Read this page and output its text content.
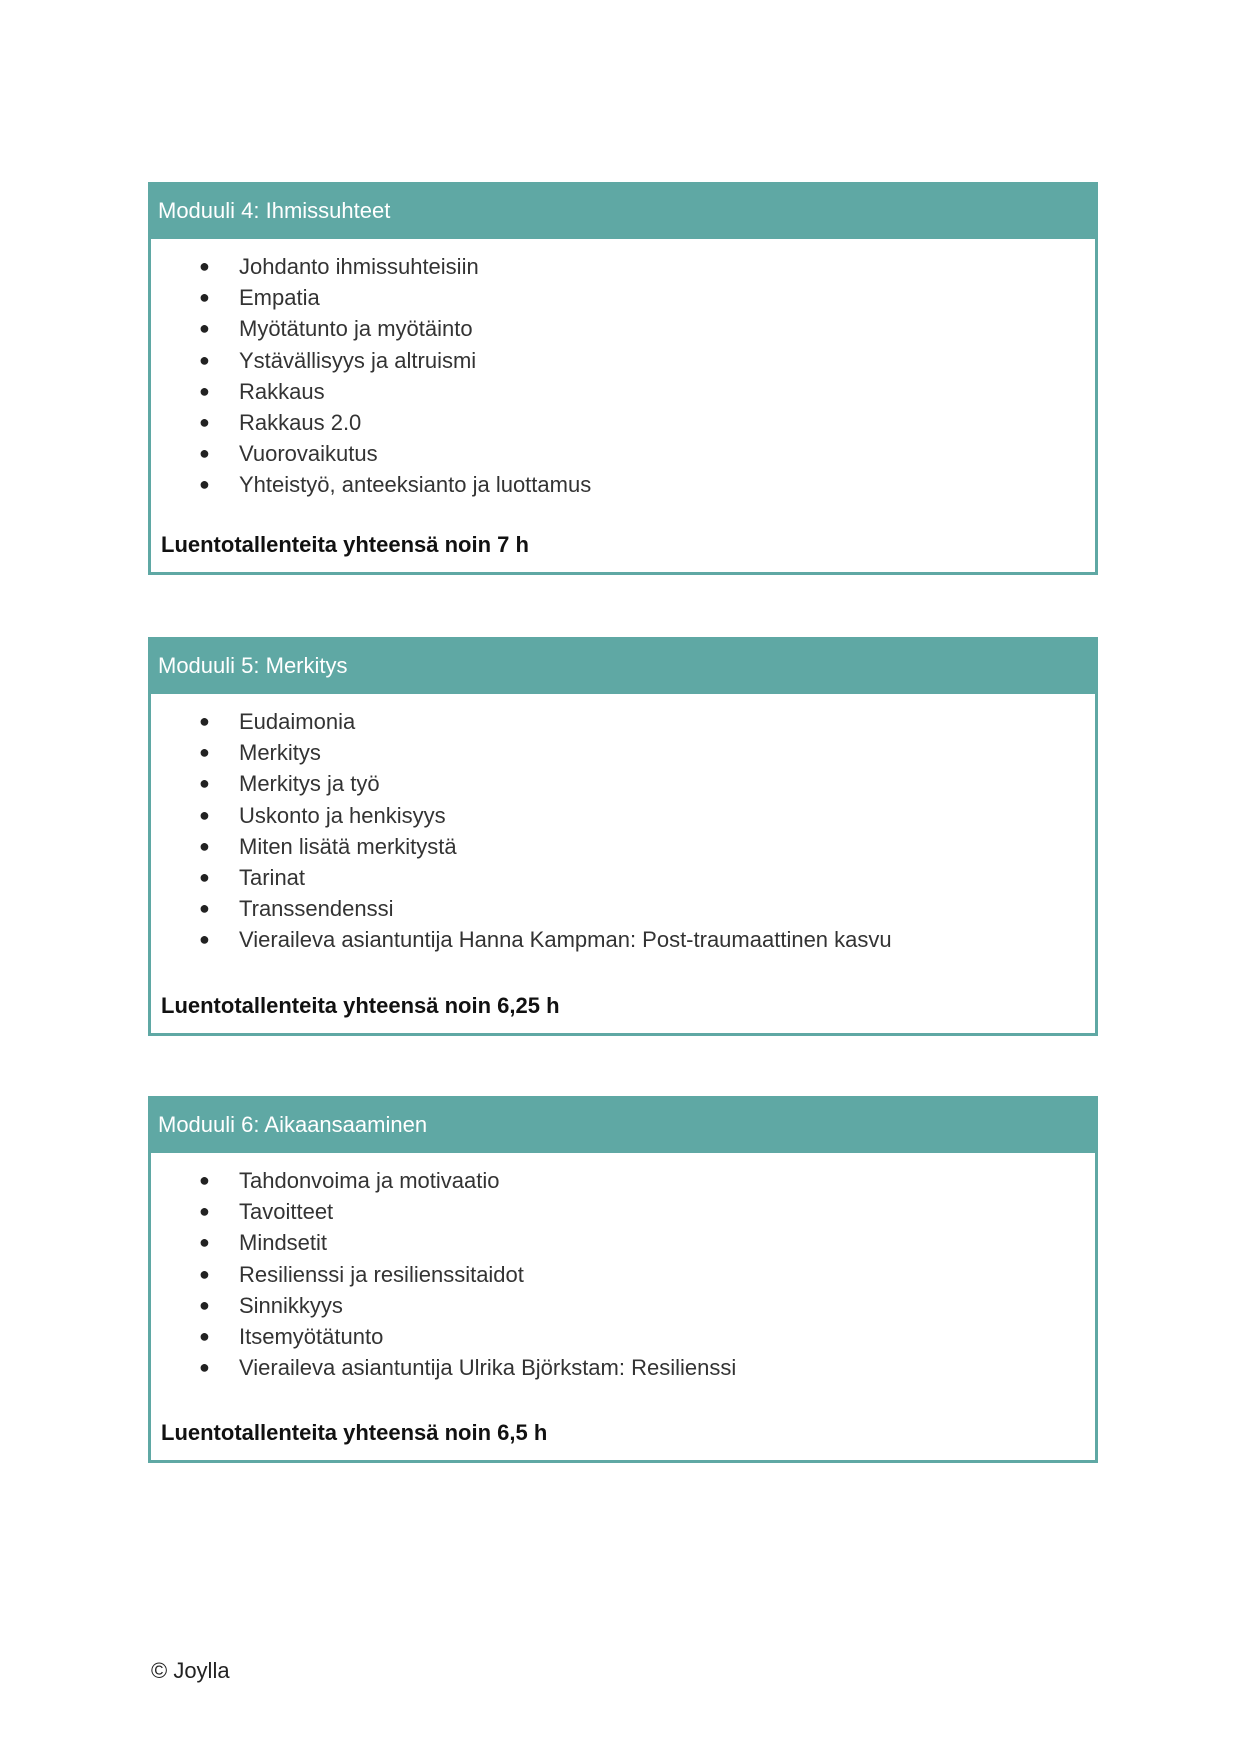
Moduuli 4: Ihmissuhteet
● Johdanto ihmissuhteisiin
● Empatia
● Myötätunto ja myötäinto
● Ystävällisyys ja altruismi
● Rakkaus
● Rakkaus 2.0
● Vuorovaikutus
● Yhteistyö, anteeksianto ja luottamus
Luentotallenteita yhteensä noin 7 h
Moduuli 5: Merkitys
● Eudaimonia
● Merkitys
● Merkitys ja työ
● Uskonto ja henkisyys
● Miten lisätä merkitystä
● Tarinat
● Transsendenssi
● Vieraileva asiantuntija Hanna Kampman: Post-traumaattinen kasvu
Luentotallenteita yhteensä noin 6,25 h
Moduuli 6: Aikaansaaminen
● Tahdonvoima ja motivaatio
● Tavoitteet
● Mindsetit
● Resilienssi ja resilienssitaidot
● Sinnikkyys
● Itsemyötätunto
● Vieraileva asiantuntija Ulrika Björkstam: Resilienssi
Luentotallenteita yhteensä noin 6,5 h
© Joylla
